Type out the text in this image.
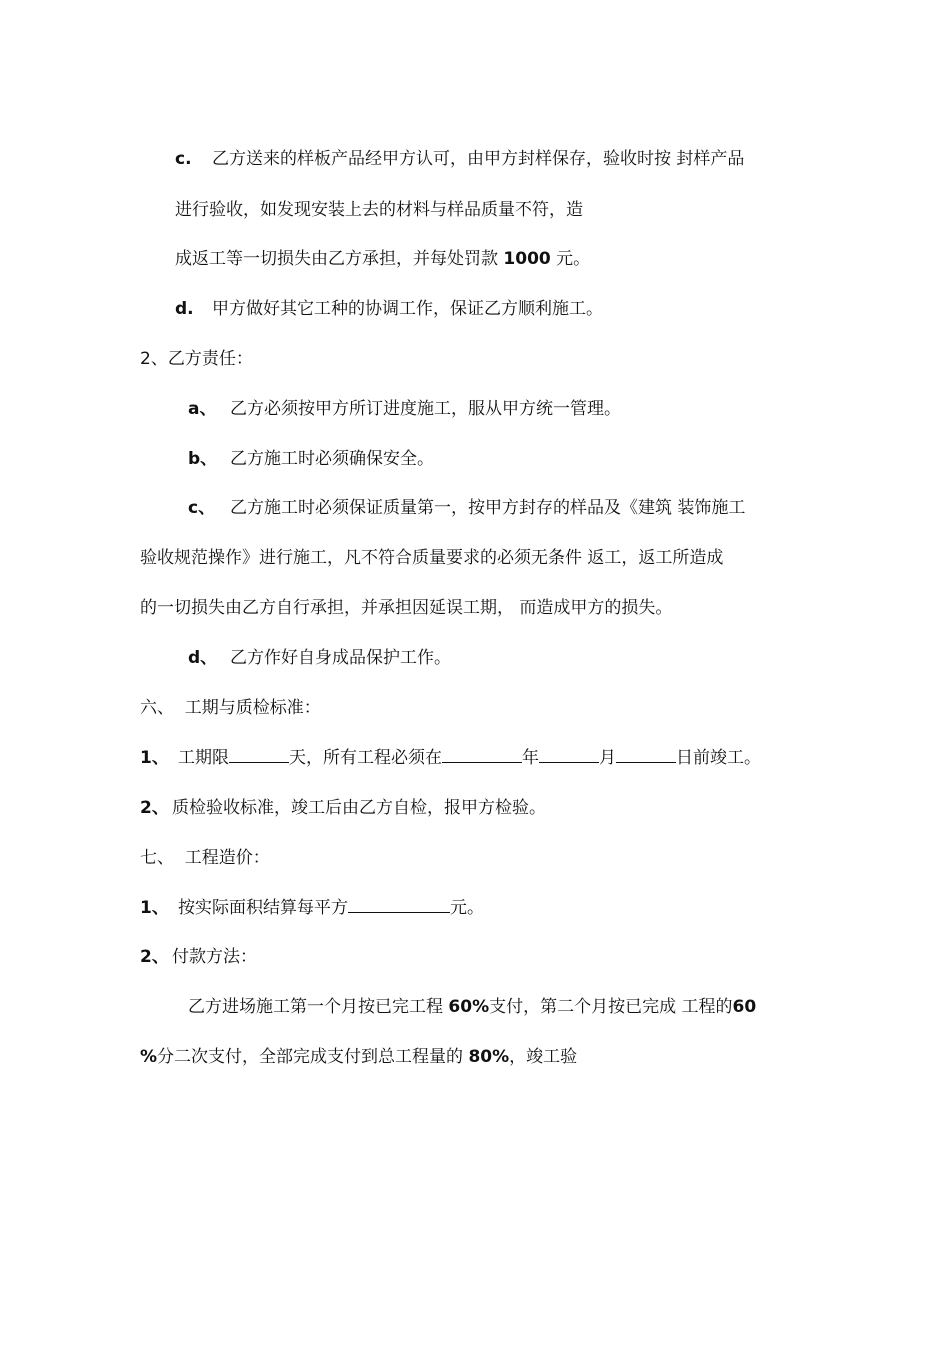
c. 乙方送来的样板产品经甲方认可，由甲方封样保存，验收时按 封样产品
进行验收，如发现安装上去的材料与样品质量不符，造
成返工等一切损失由乙方承担，并每处罚款 1000 元。
d. 甲方做好其它工种的协调工作，保证乙方顺利施工。
2、乙方责任：
a、 乙方必须按甲方所订进度施工，服从甲方统一管理。
b、 乙方施工时必须确保安全。
c、 乙方施工时必须保证质量第一，按甲方封存的样品及《建筑 装饰施工
验收规范操作》进行施工，凡不符合质量要求的必须无条件 返工，返工所造成
的一切损失由乙方自行承担，并承担因延误工期， 而造成甲方的损失。
d、 乙方作好自身成品保护工作。
六、  工期与质检标准：
1、 工期限	天，所有工程必须在	年	月	日前竣工。
2、 质检验收标准，竣工后由乙方自检，报甲方检验。
七、  工程造价：
1、 按实际面积结算每平方	元。
2、 付款方法：
乙方进场施工第一个月按已完工程 60%支付，第二个月按已完成 工程的60
%分二次支付，全部完成支付到总工程量的 80%，竣工验
